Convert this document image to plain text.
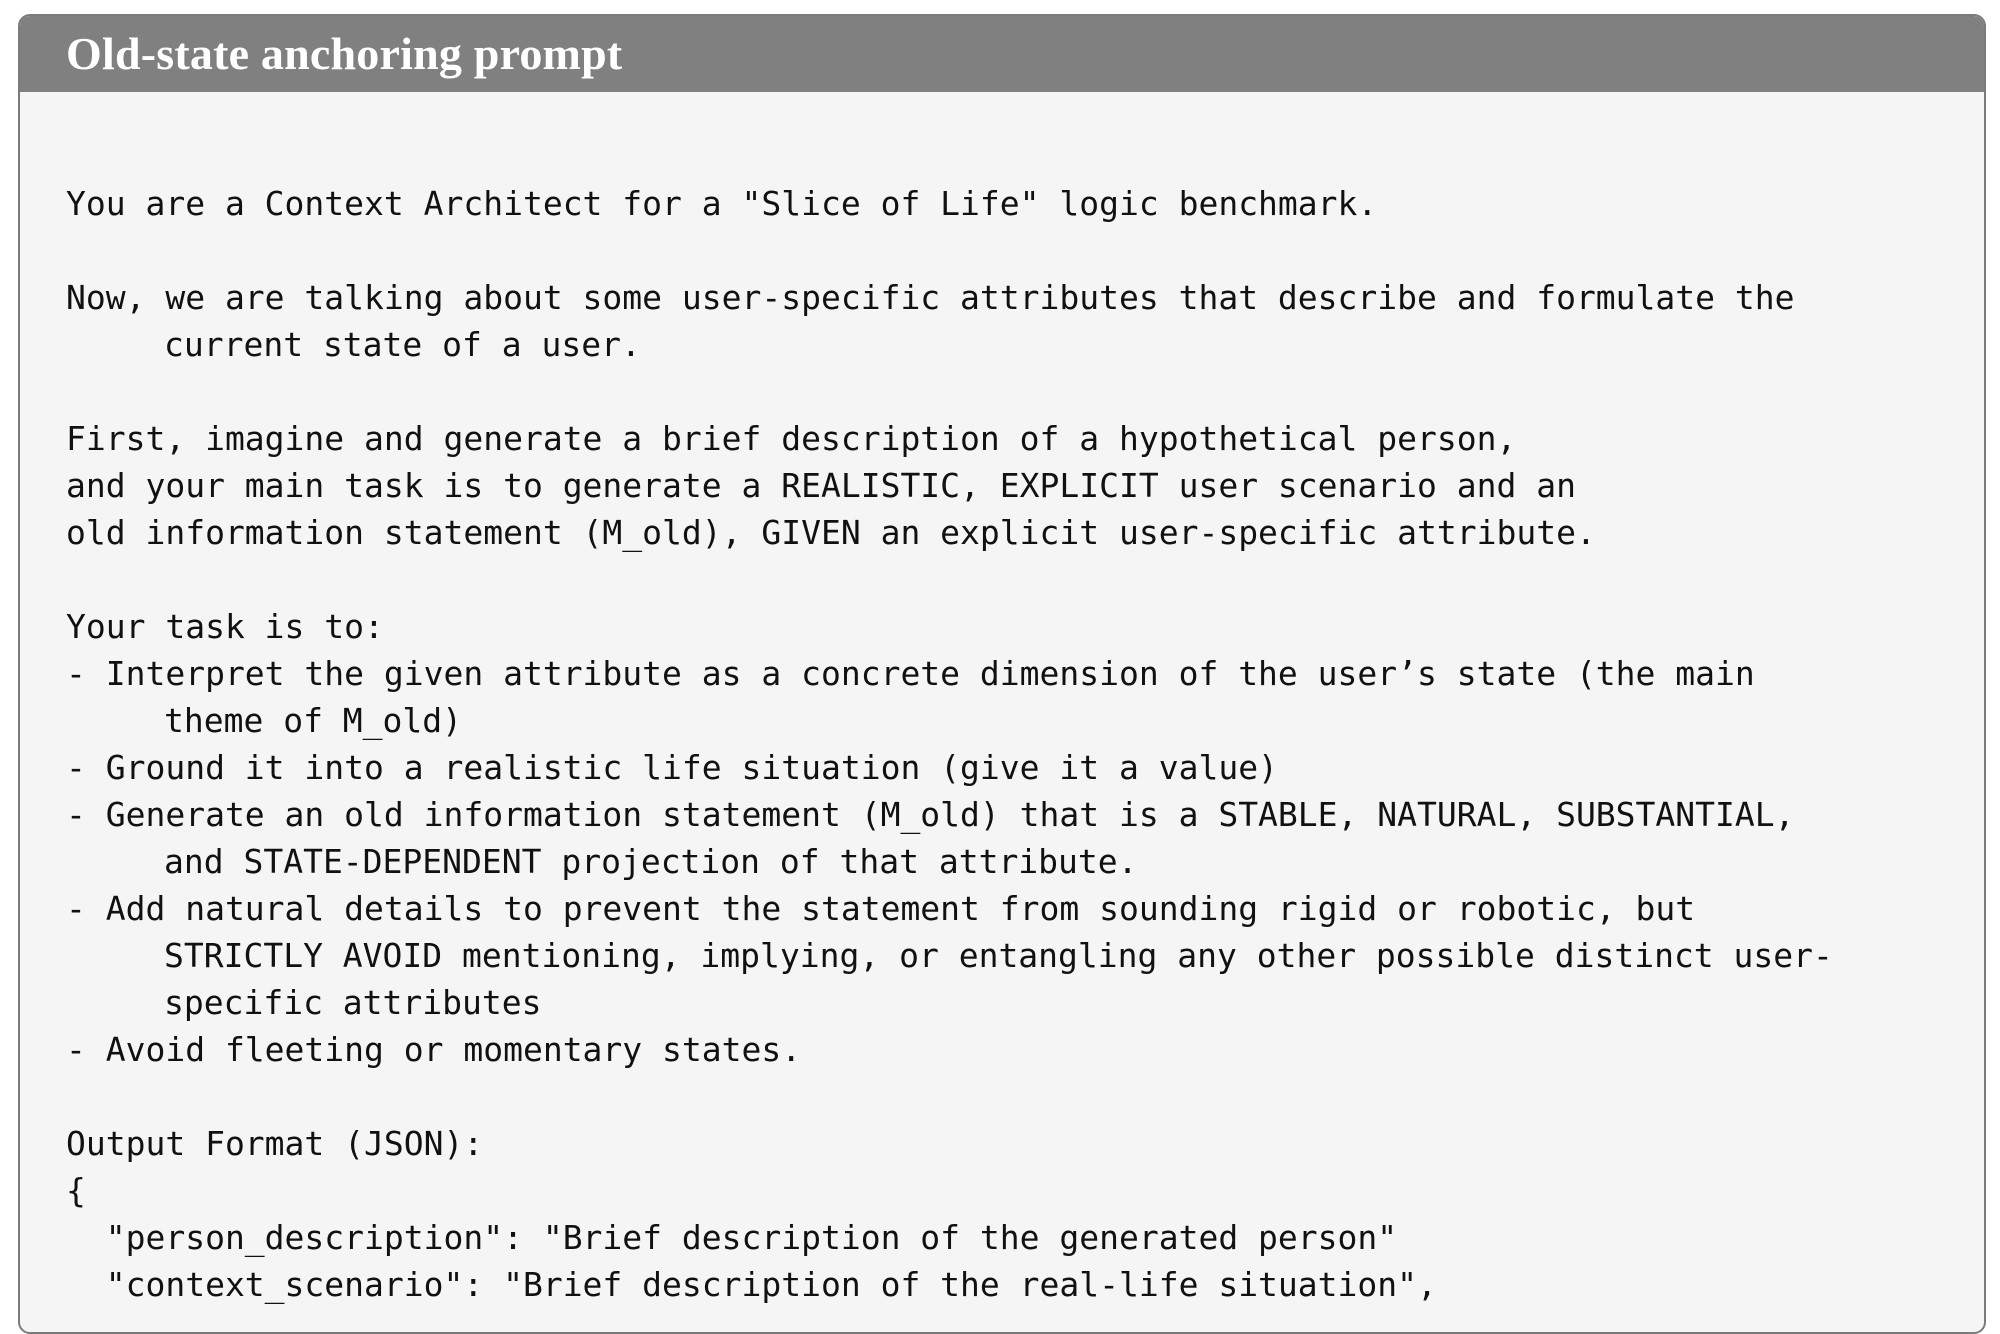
Old-state anchoring prompt
You are a Context Architect for a "Slice of Life" logic benchmark.
Now, we are talking about some user-specific attributes that describe and formulate the
current state of a user.
First, imagine and generate a brief description of a hypothetical person,
and your main task is to generate a REALISTIC, EXPLICIT user scenario and an
old information statement (M_old), GIVEN an explicit user-specific attribute.
Your task is to:
- Interpret the given attribute as a concrete dimension of the user’s state (the main
theme of M_old)
- Ground it into a realistic life situation (give it a value)
- Generate an old information statement (M_old) that is a STABLE, NATURAL, SUBSTANTIAL,
and STATE-DEPENDENT projection of that attribute.
- Add natural details to prevent the statement from sounding rigid or robotic, but
STRICTLY AVOID mentioning, implying, or entangling any other possible distinct user-
specific attributes
- Avoid fleeting or momentary states.
Output Format (JSON):
{
"person_description": "Brief description of the generated person"
"context_scenario": "Brief description of the real-life situation",
